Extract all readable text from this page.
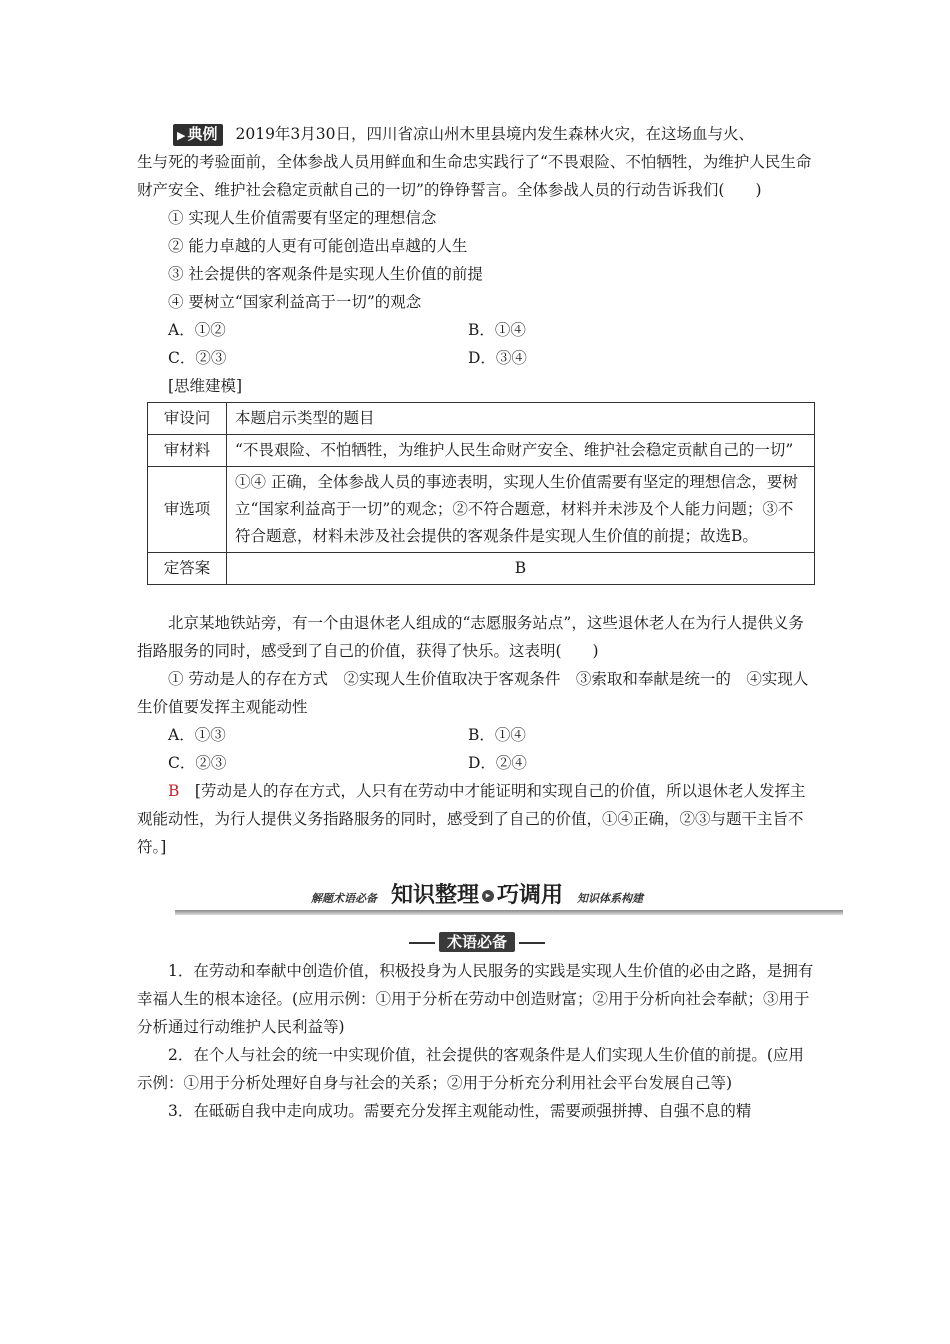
▶ 典例 2019年3月30日，四川省凉山州木里县境内发生森林火灾，在这场血与火、

生与死的考验面前，全体参战人员用鲜血和生命忠实践行了“不畏艰险、不怕牺牲，为维护人民生命财产安全、维护社会稳定贡献自己的一切”的铮铮誓言。全体参战人员的行动告诉我们(　　)

① 实现人生价值需要有坚定的理想信念

② 能力卓越的人更有可能创造出卓越的人生

③ 社会提供的客观条件是实现人生价值的前提

④ 要树立“国家利益高于一切”的观念

A．①②	B．①④
C．②③	D．③④

[思维建模]

审设问	本题启示类型的题目
审材料	“不畏艰险、不怕牺牲，为维护人民生命财产安全、维护社会稳定贡献自己的一切”
审选项	①④ 正确，全体参战人员的事迹表明，实现人生价值需要有坚定的理想信念，要树立“国家利益高于一切”的观念；②不符合题意，材料并未涉及个人能力问题；③不符合题意，材料未涉及社会提供的客观条件是实现人生价值的前提；故选B。
定答案	B

北京某地铁站旁，有一个由退休老人组成的“志愿服务站点”，这些退休老人在为行人提供义务指路服务的同时，感受到了自己的价值，获得了快乐。这表明(　　)

① 劳动是人的存在方式　②实现人生价值取决于客观条件　③索取和奉献是统一的　④实现人生价值要发挥主观能动性

A．①③	B．①④
C．②③	D．②④

B　[劳动是人的存在方式，人只有在劳动中才能证明和实现自己的价值，所以退休老人发挥主观能动性，为行人提供义务指路服务的同时，感受到了自己的价值，①④正确，②③与题干主旨不符。]

解题术语必备 知识整理 ▸ 巧调用 知识体系构建
术语必备

1．在劳动和奉献中创造价值，积极投身为人民服务的实践是实现人生价值的必由之路，是拥有幸福人生的根本途径。(应用示例：①用于分析在劳动中创造财富；②用于分析向社会奉献；③用于分析通过行动维护人民利益等)

2．在个人与社会的统一中实现价值，社会提供的客观条件是人们实现人生价值的前提。(应用示例：①用于分析处理好自身与社会的关系；②用于分析充分利用社会平台发展自己等)

3．在砥砺自我中走向成功。需要充分发挥主观能动性，需要顽强拼搏、自强不息的精
